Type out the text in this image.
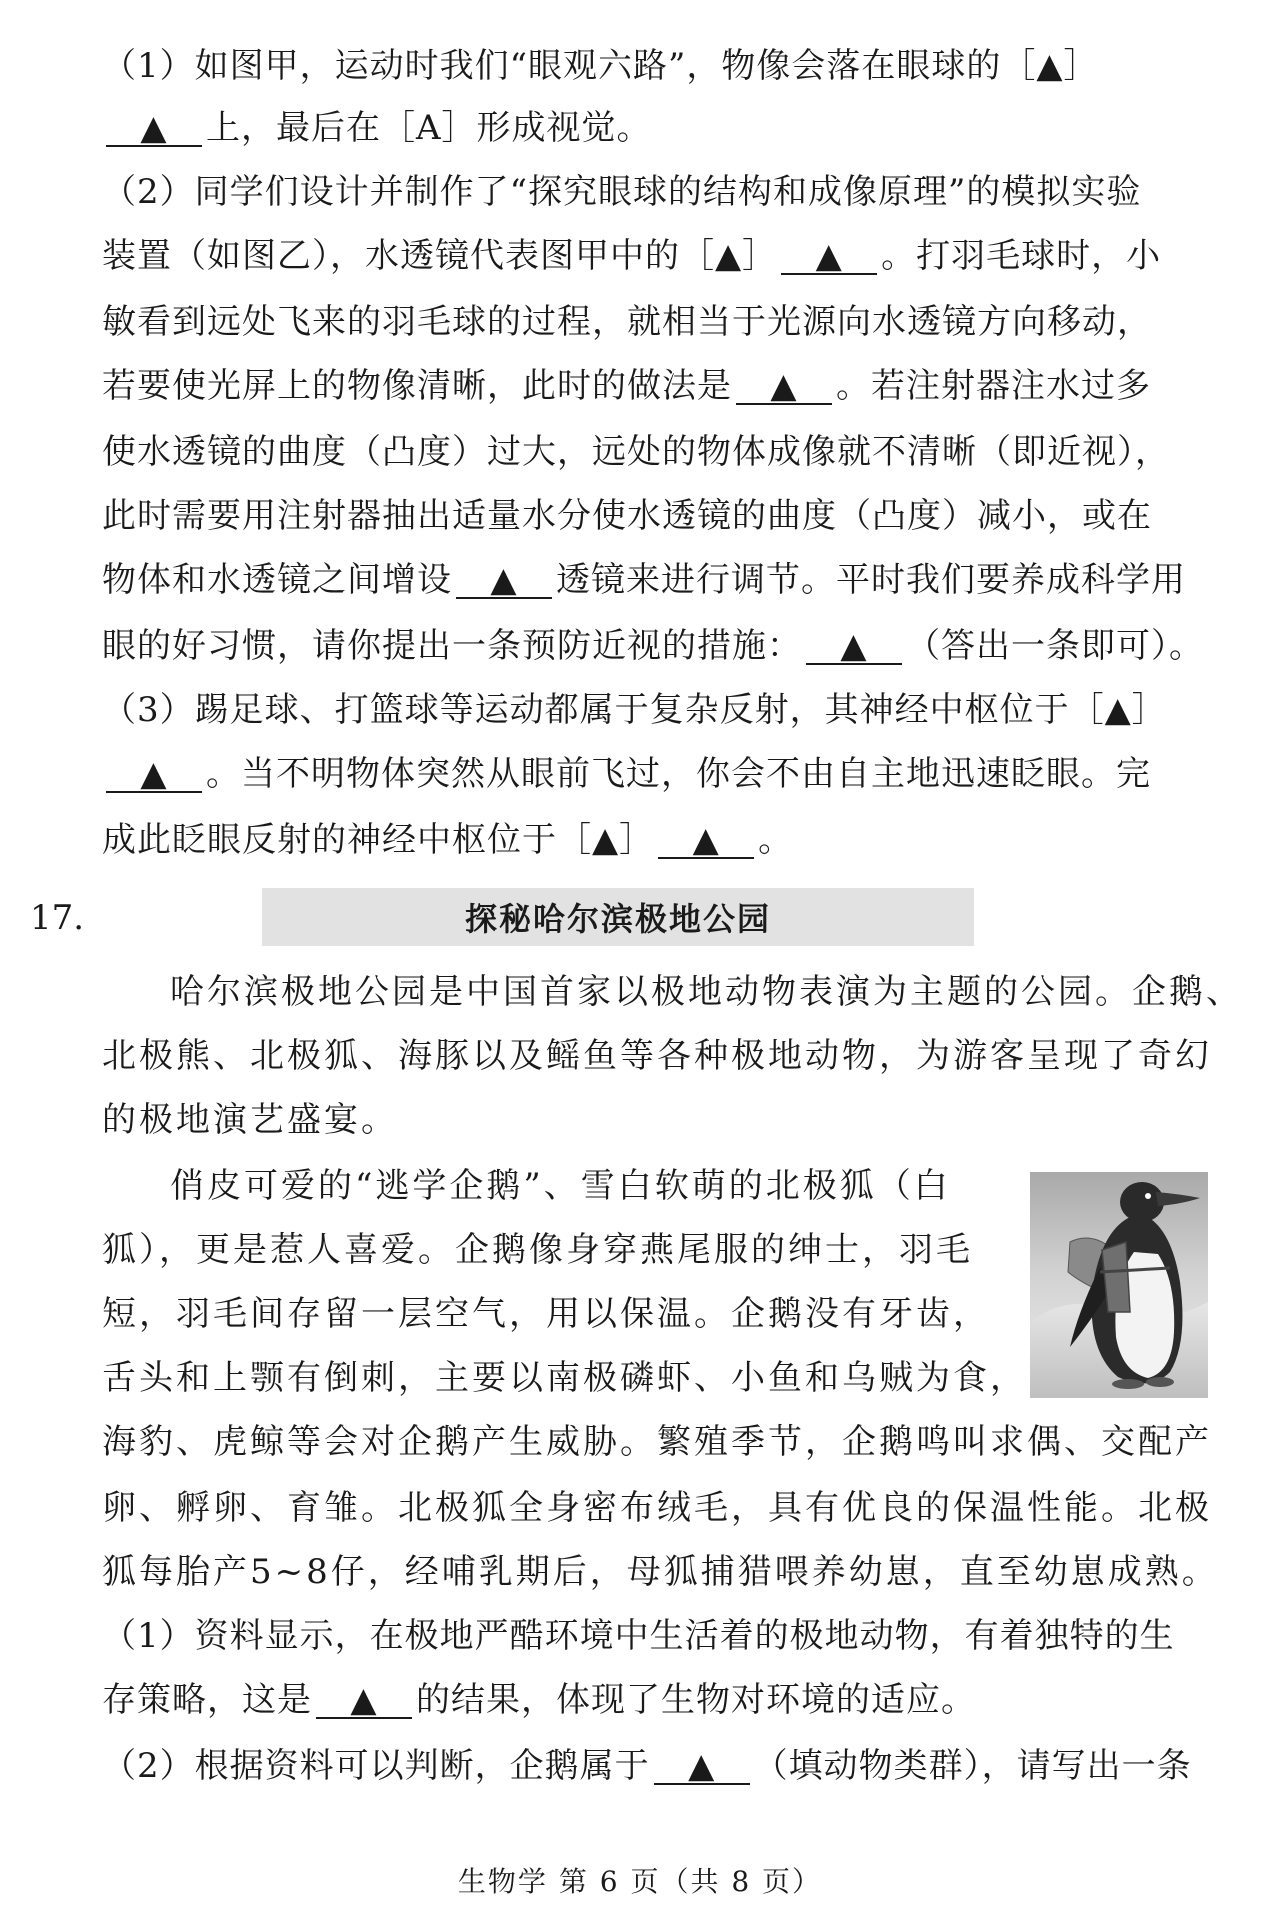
（1）如图甲，运动时我们“眼观六路”，物像会落在眼球的［▲］
▲ 上，最后在［A］形成视觉。
（2）同学们设计并制作了“探究眼球的结构和成像原理”的模拟实验
装置（如图乙），水透镜代表图甲中的［▲］ ▲ 。打羽毛球时，小
敏看到远处飞来的羽毛球的过程，就相当于光源向水透镜方向移动，
若要使光屏上的物像清晰，此时的做法是 ▲ 。若注射器注水过多
使水透镜的曲度（凸度）过大，远处的物体成像就不清晰（即近视），
此时需要用注射器抽出适量水分使水透镜的曲度（凸度）减小，或在
物体和水透镜之间增设 ▲ 透镜来进行调节。平时我们要养成科学用
眼的好习惯，请你提出一条预防近视的措施： ▲ （答出一条即可）。
（3）踢足球、打篮球等运动都属于复杂反射，其神经中枢位于［▲］
▲ 。当不明物体突然从眼前飞过，你会不由自主地迅速眨眼。完
成此眨眼反射的神经中枢位于［▲］ ▲ 。
17.	探秘哈尔滨极地公园
哈尔滨极地公园是中国首家以极地动物表演为主题的公园。企鹅、
北极熊、北极狐、海豚以及鳐鱼等各种极地动物，为游客呈现了奇幻
的极地演艺盛宴。
俏皮可爱的“逃学企鹅”、雪白软萌的北极狐（白
狐），更是惹人喜爱。企鹅像身穿燕尾服的绅士，羽毛
短，羽毛间存留一层空气，用以保温。企鹅没有牙齿，
舌头和上颚有倒刺，主要以南极磷虾、小鱼和乌贼为食，
海豹、虎鲸等会对企鹅产生威胁。繁殖季节，企鹅鸣叫求偶、交配产
卵、孵卵、育雏。北极狐全身密布绒毛，具有优良的保温性能。北极
狐每胎产5~8仔，经哺乳期后，母狐捕猎喂养幼崽，直至幼崽成熟。
（1）资料显示，在极地严酷环境中生活着的极地动物，有着独特的生
存策略，这是 ▲ 的结果，体现了生物对环境的适应。
（2）根据资料可以判断，企鹅属于 ▲ （填动物类群），请写出一条
生物学 第 6 页（共 8 页）
